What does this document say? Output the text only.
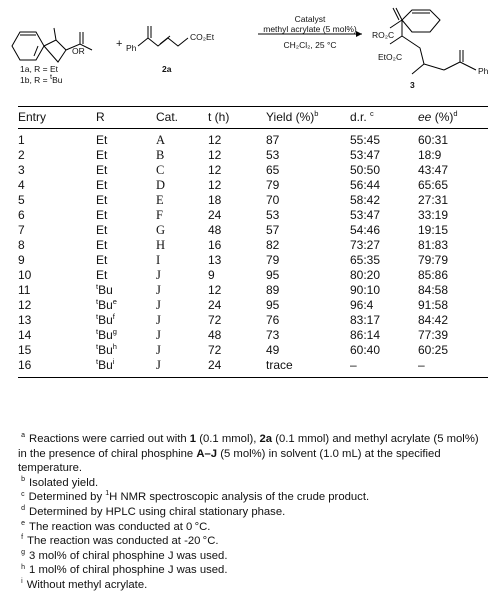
OR
1a, R = Et
1b, R = $^t$Bu
+ Ph
CO₂Et
2a
Catalyst
methyl acrylate (5 mol%)
CH₂Cl₂, 25 °C
RO₂C
EtO₂C
Ph
3
Entry	R	Cat.	t (h)	Yield (%)$^b$	d.r. $^c$	ee (%)$^d$
1	Et	A	12	87	55:45	60:31
2	Et	B	12	53	53:47	18:9
3	Et	C	12	65	50:50	43:47
4	Et	D	12	79	56:44	65:65
5	Et	E	18	70	58:42	27:31
6	Et	F	24	53	53:47	33:19
7	Et	G	48	57	54:46	19:15
8	Et	H	16	82	73:27	81:83
9	Et	I	13	79	65:35	79:79
10	Et	J	9	95	80:20	85:86
11	$^t$Bu	J	12	89	90:10	84:58
12	$^t$Bu$^e$	J	24	95	96:4	91:58
13	$^t$Bu$^f$	J	72	76	83:17	84:42
14	$^t$Bu$^g$	J	48	73	86:14	77:39
15	$^t$Bu$^h$	J	72	49	60:40	60:25
16	$^t$Bu$^i$	J	24	trace	–	–

$^a$ Reactions were carried out with 1 (0.1 mmol), 2a (0.1 mmol) and methyl acrylate (5 mol%) in the presence of chiral phosphine A–J (5 mol%) in solvent (1.0 mL) at the specified temperature.

$^b$ Isolated yield.

$^c$ Determined by $^1$H NMR spectroscopic analysis of the crude product.

$^d$ Determined by HPLC using chiral stationary phase.

$^e$ The reaction was conducted at 0 °C.

$^f$ The reaction was conducted at -20 °C.

$^g$ 3 mol% of chiral phosphine J was used.

$^h$ 1 mol% of chiral phosphine J was used.

$^i$ Without methyl acrylate.
